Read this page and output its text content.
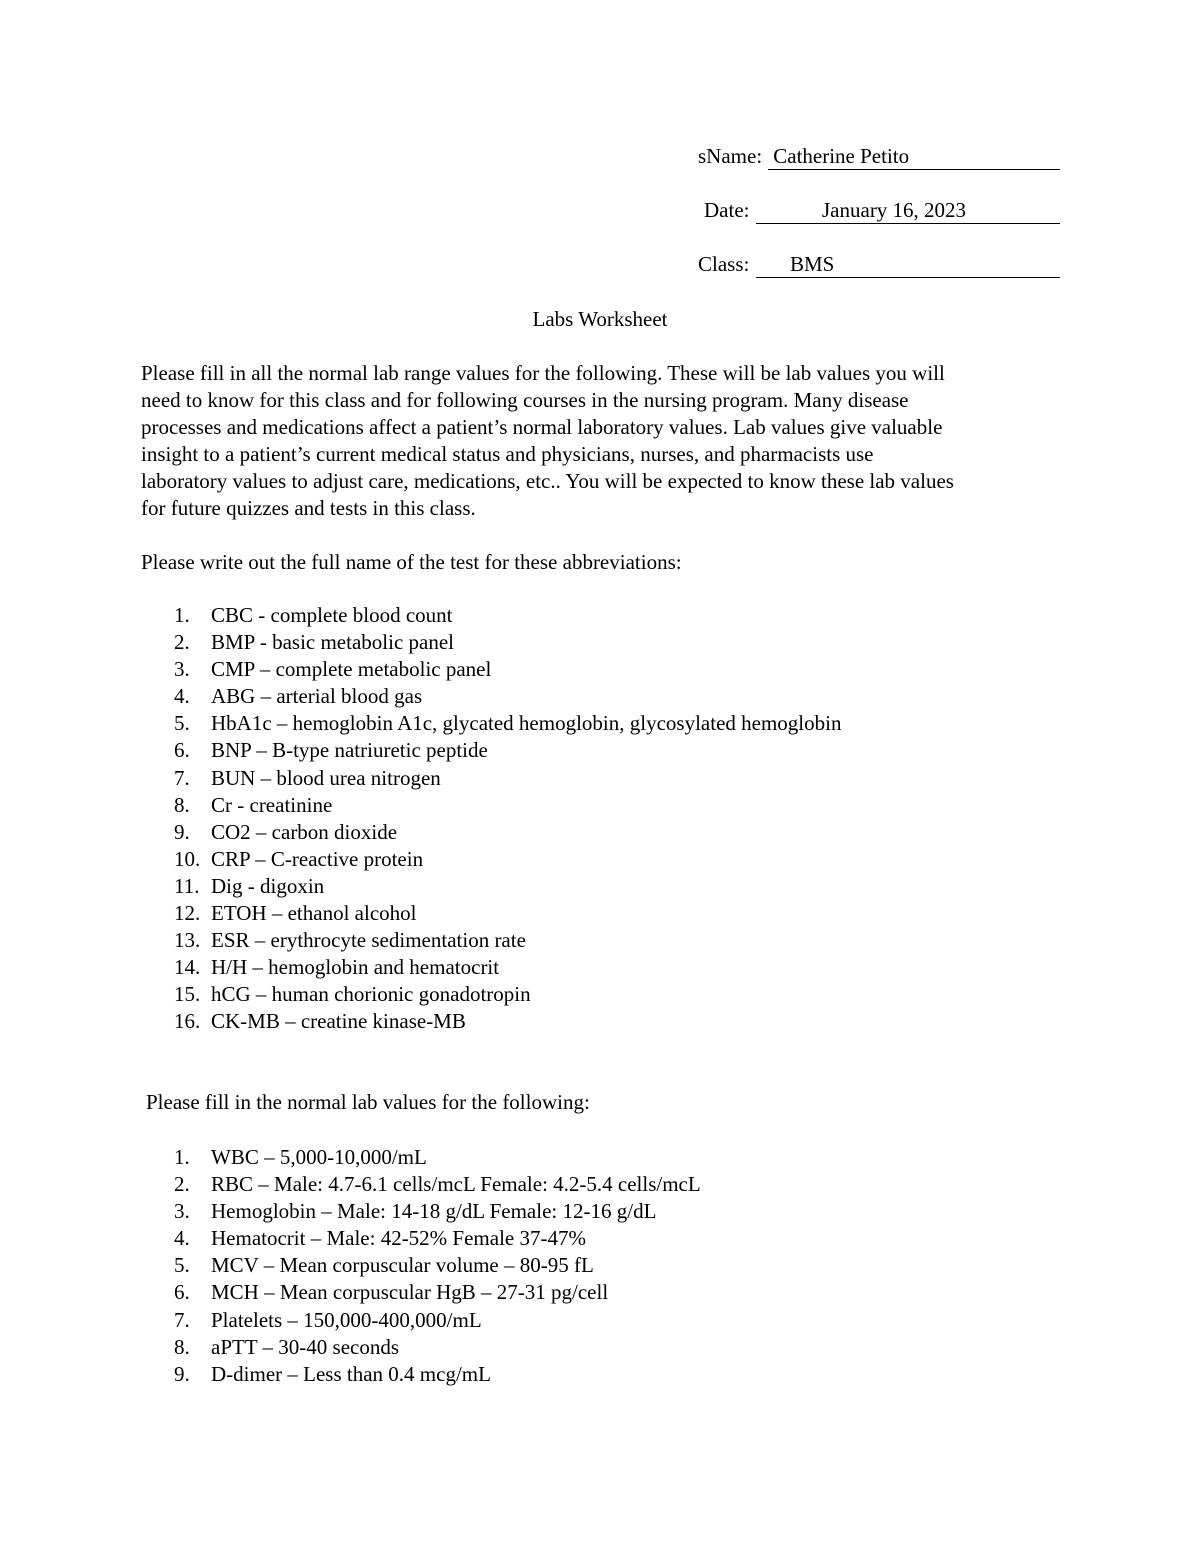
sName: Catherine Petito
Date:	January 16, 2023
Class:	BMS
Labs Worksheet

Please fill in all the normal lab range values for the following. These will be lab values you will
need to know for this class and for following courses in the nursing program. Many disease
processes and medications affect a patient’s normal laboratory values. Lab values give valuable
insight to a patient’s current medical status and physicians, nurses, and pharmacists use
laboratory values to adjust care, medications, etc.. You will be expected to know these lab values
for future quizzes and tests in this class.

Please write out the full name of the test for these abbreviations:
1. CBC - complete blood count
2. BMP - basic metabolic panel
3. CMP – complete metabolic panel
4. ABG – arterial blood gas
5. HbA1c – hemoglobin A1c, glycated hemoglobin, glycosylated hemoglobin
6. BNP – B-type natriuretic peptide
7. BUN – blood urea nitrogen
8. Cr - creatinine
9. CO2 – carbon dioxide
10. CRP – C-reactive protein
11. Dig - digoxin
12. ETOH – ethanol alcohol
13. ESR – erythrocyte sedimentation rate
14. H/H – hemoglobin and hematocrit
15. hCG – human chorionic gonadotropin
16. CK-MB – creatine kinase-MB
Please fill in the normal lab values for the following:
1. WBC – 5,000-10,000/mL
2. RBC – Male: 4.7-6.1 cells/mcL Female: 4.2-5.4 cells/mcL
3. Hemoglobin – Male: 14-18 g/dL Female: 12-16 g/dL
4. Hematocrit – Male: 42-52% Female 37-47%
5. MCV – Mean corpuscular volume – 80-95 fL
6. MCH – Mean corpuscular HgB – 27-31 pg/cell
7. Platelets – 150,000-400,000/mL
8. aPTT – 30-40 seconds
9. D-dimer – Less than 0.4 mcg/mL
